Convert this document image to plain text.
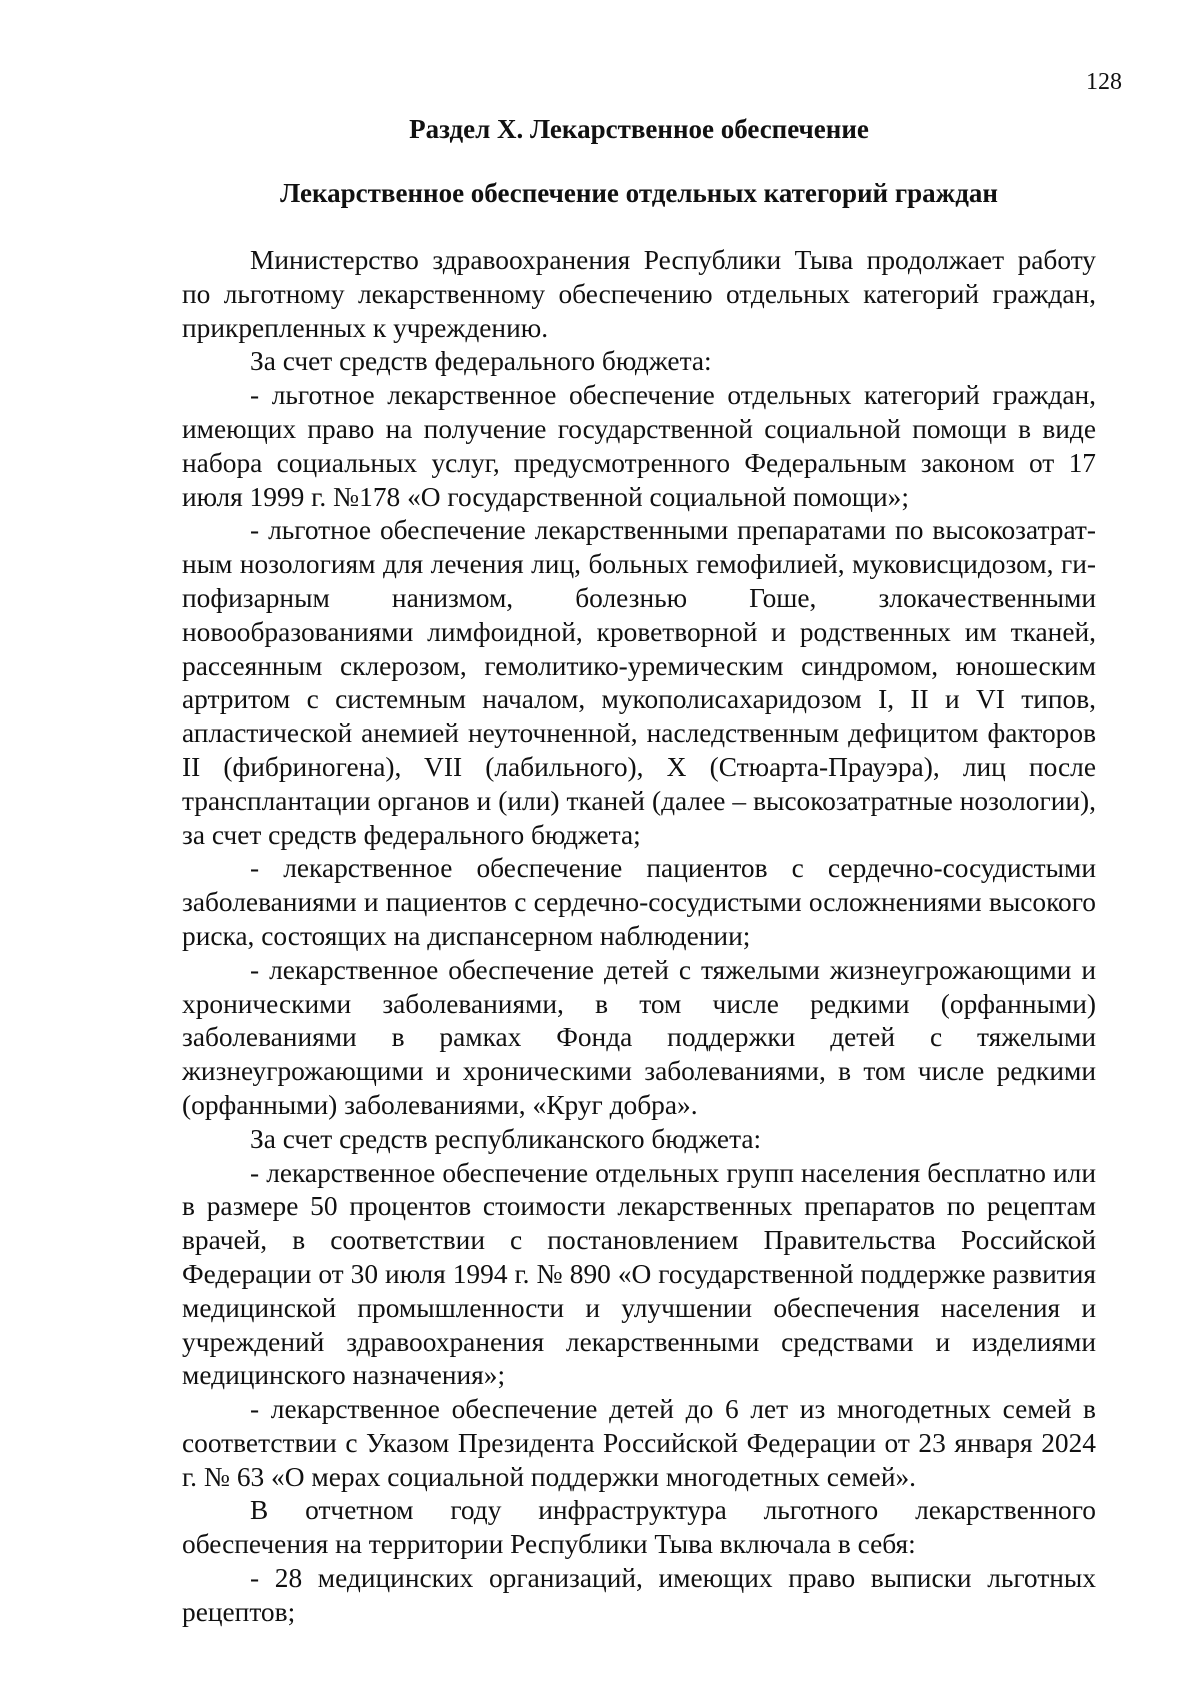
128
Раздел X. Лекарственное обеспечение
Лекарственное обеспечение отдельных категорий граждан

Министерство здравоохранения Республики Тыва продолжает работу по льготному лекарственному обеспечению отдельных категорий граждан, прикрепленных к учреждению.

За счет средств федерального бюджета:

- льготное лекарственное обеспечение отдельных категорий граждан, имеющих право на получение государственной социальной помощи в виде набора социальных услуг, предусмотренного Федеральным законом от 17 июля 1999 г. №178 «О государственной социальной помощи»;

- льготное обеспечение лекарственными препаратами по высокозатратным нозологиям для лечения лиц, больных гемофилией, муковисцидозом, гипофизарным нанизмом, болезнью Гоше, злокачественными новообразованиями лимфоидной, кроветворной и родственных им тканей, рассеянным склерозом, гемолитико-уремическим синдромом, юношеским артритом с системным началом, мукополисахаридозом I, II и VI типов, апластической анемией неуточненной, наследственным дефицитом факторов II (фибриногена), VII (лабильного), X (Стюарта-Прауэра), лиц после трансплантации органов и (или) тканей (далее – высокозатратные нозологии), за счет средств федерального бюджета;

- лекарственное обеспечение пациентов с сердечно-сосудистыми заболеваниями и пациентов с сердечно-сосудистыми осложнениями высокого риска, состоящих на диспансерном наблюдении;

- лекарственное обеспечение детей с тяжелыми жизнеугрожающими и хроническими заболеваниями, в том числе редкими (орфанными) заболеваниями в рамках Фонда поддержки детей с тяжелыми жизнеугрожающими и хроническими заболеваниями, в том числе редкими (орфанными) заболеваниями, «Круг добра».

За счет средств республиканского бюджета:

- лекарственное обеспечение отдельных групп населения бесплатно или в размере 50 процентов стоимости лекарственных препаратов по рецептам врачей, в соответствии с постановлением Правительства Российской Федерации от 30 июля 1994 г. № 890 «О государственной поддержке развития медицинской промышленности и улучшении обеспечения населения и учреждений здравоохранения лекарственными средствами и изделиями медицинского назначения»;

- лекарственное обеспечение детей до 6 лет из многодетных семей в соответствии с Указом Президента Российской Федерации от 23 января 2024 г. № 63 «О мерах социальной поддержки многодетных семей».

В отчетном году инфраструктура льготного лекарственного обеспечения на территории Республики Тыва включала в себя:

- 28 медицинских организаций, имеющих право выписки льготных рецептов;
